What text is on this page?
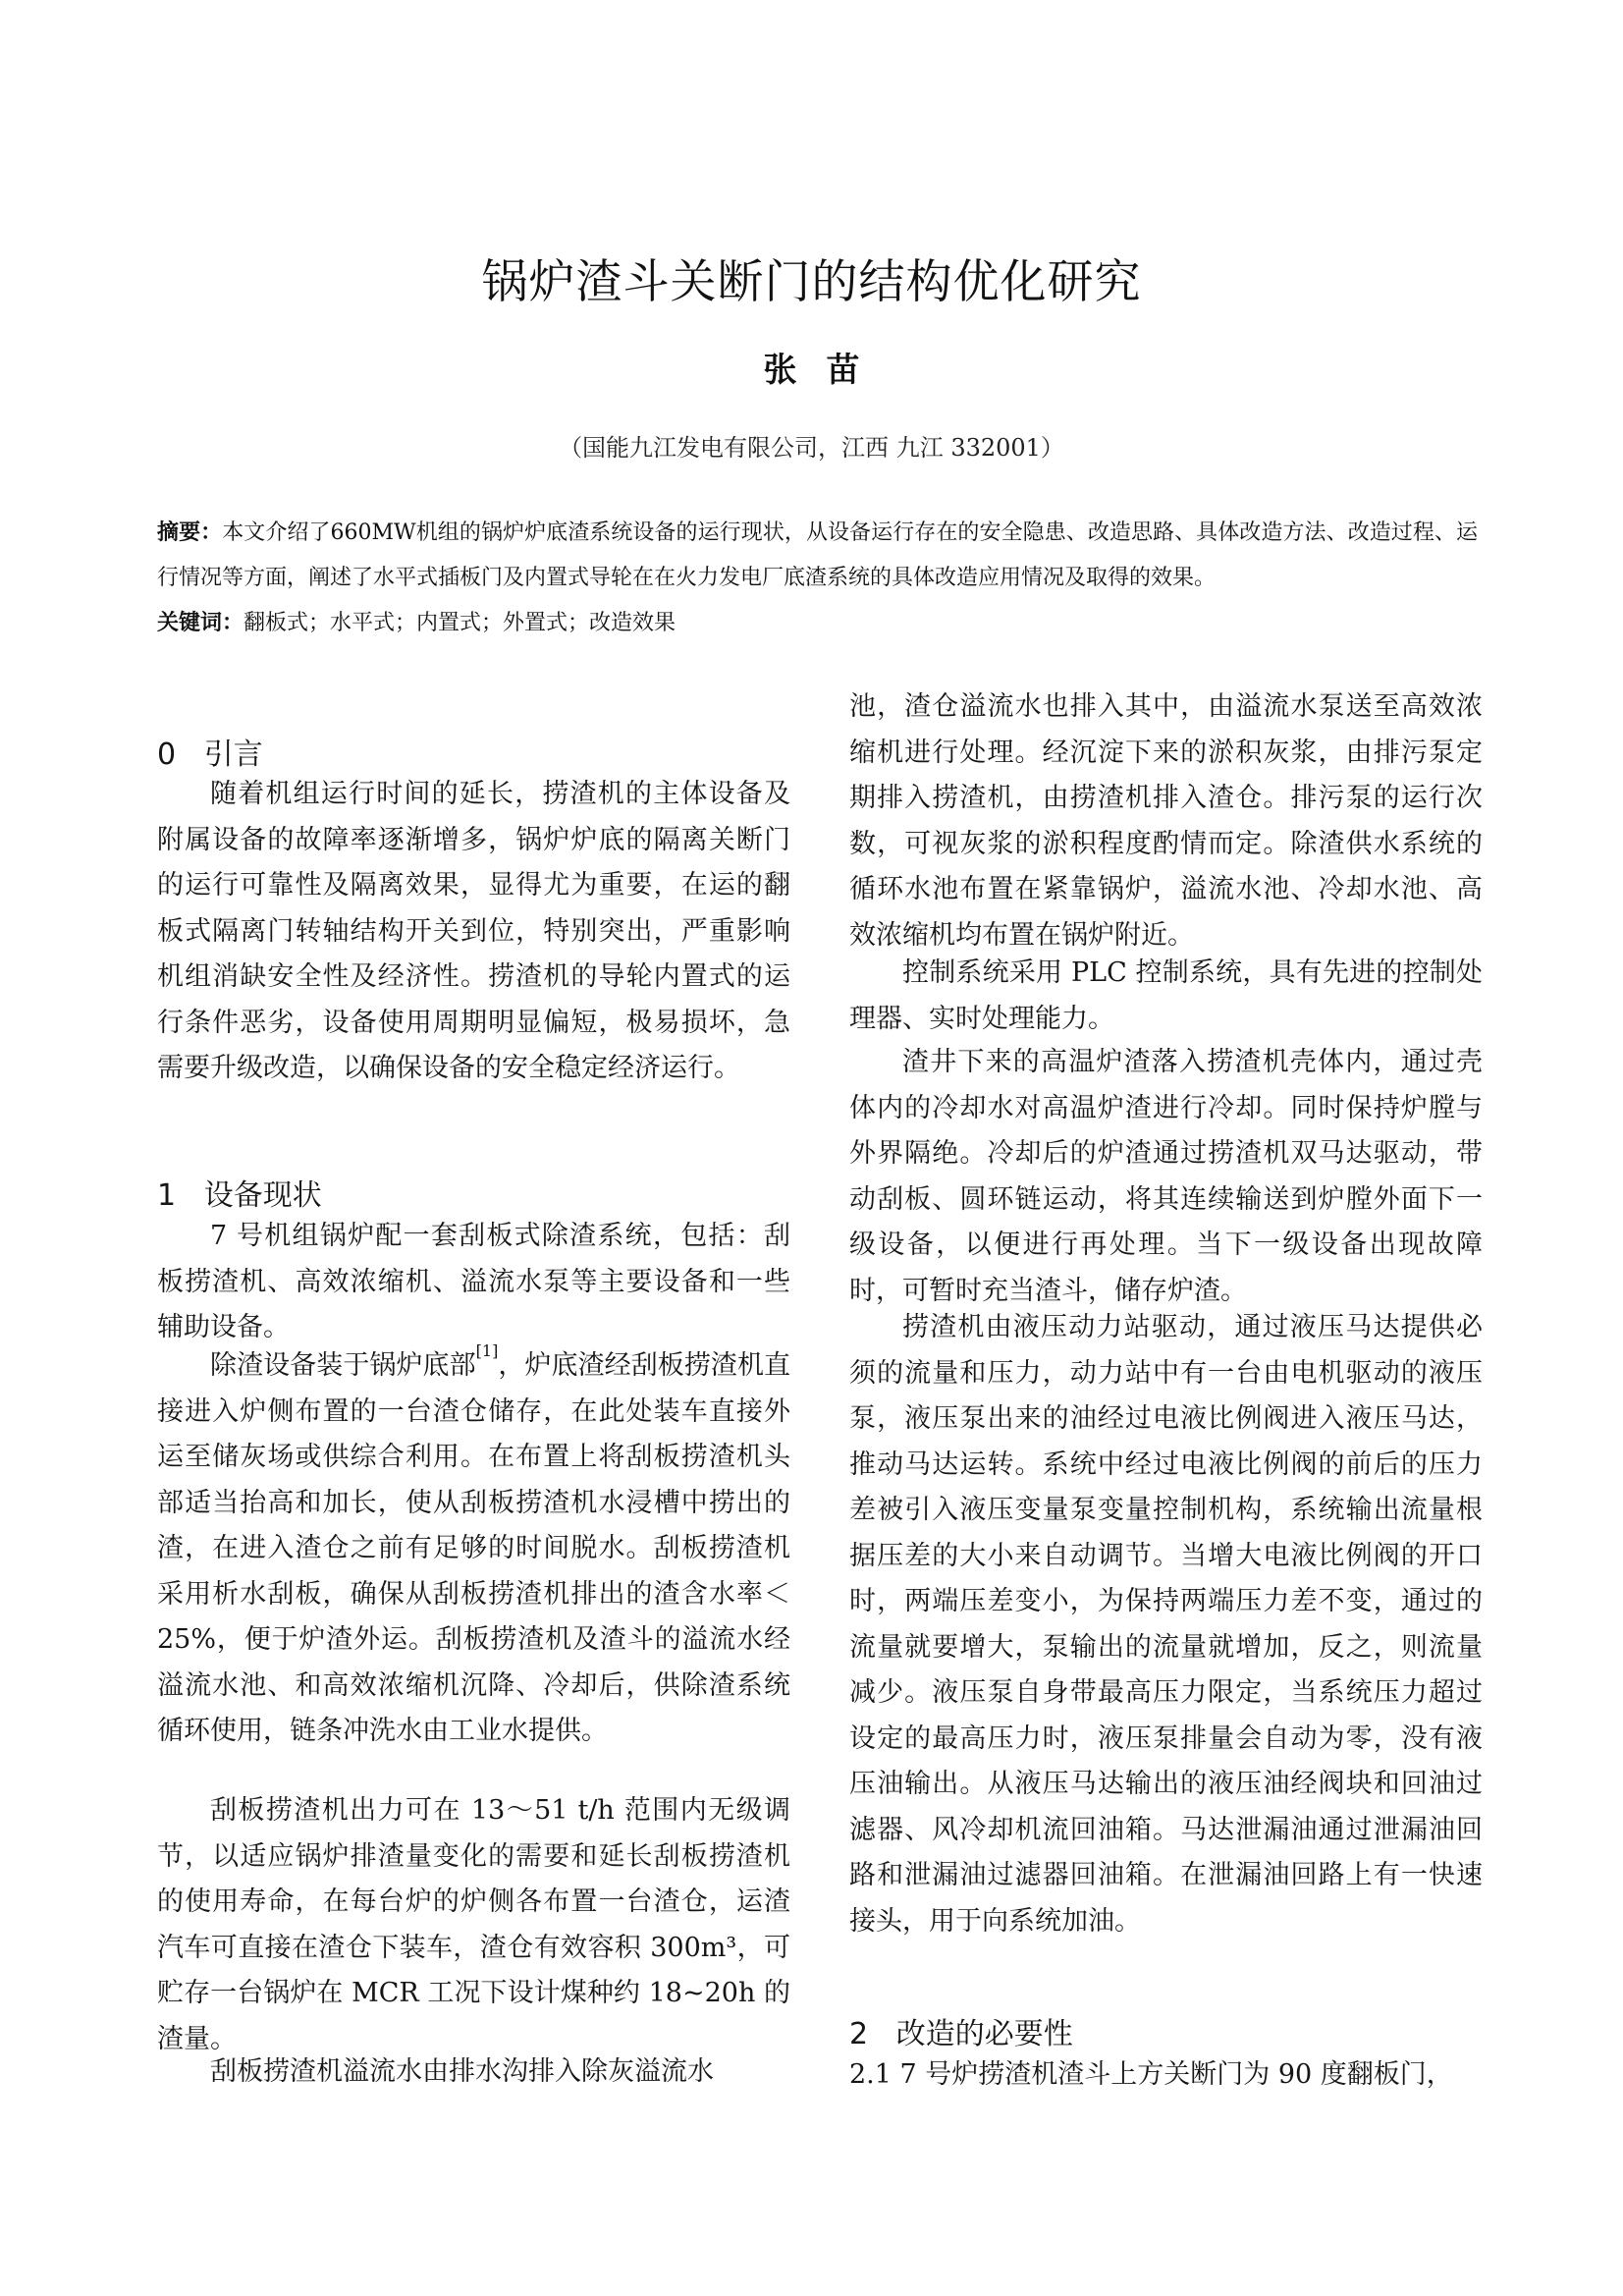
锅炉渣斗关断门的结构优化研究
张苗
（国能九江发电有限公司，江西 九江 332001）
摘要：本文介绍了660MW机组的锅炉炉底渣系统设备的运行现状，从设备运行存在的安全隐患、改造思路、具体改造方法、改造过程、运行情况等方面，阐述了水平式插板门及内置式导轮在在火力发电厂底渣系统的具体改造应用情况及取得的效果。
关键词：翻板式；水平式；内置式；外置式；改造效果
0   引言
随着机组运行时间的延长，捞渣机的主体设备及附属设备的故障率逐渐增多，锅炉炉底的隔离关断门的运行可靠性及隔离效果，显得尤为重要，在运的翻板式隔离门转轴结构开关到位，特别突出，严重影响机组消缺安全性及经济性。捞渣机的导轮内置式的运行条件恶劣，设备使用周期明显偏短，极易损坏，急需要升级改造，以确保设备的安全稳定经济运行。
1   设备现状
7 号机组锅炉配一套刮板式除渣系统，包括：刮板捞渣机、高效浓缩机、溢流水泵等主要设备和一些辅助设备。
除渣设备装于锅炉底部[1]，炉底渣经刮板捞渣机直接进入炉侧布置的一台渣仓储存，在此处装车直接外运至储灰场或供综合利用。在布置上将刮板捞渣机头部适当抬高和加长，使从刮板捞渣机水浸槽中捞出的渣，在进入渣仓之前有足够的时间脱水。刮板捞渣机采用析水刮板，确保从刮板捞渣机排出的渣含水率＜25%，便于炉渣外运。刮板捞渣机及渣斗的溢流水经溢流水池、和高效浓缩机沉降、冷却后，供除渣系统循环使用，链条冲洗水由工业水提供。
刮板捞渣机出力可在 13～51 t/h 范围内无级调节，以适应锅炉排渣量变化的需要和延长刮板捞渣机的使用寿命，在每台炉的炉侧各布置一台渣仓，运渣汽车可直接在渣仓下装车，渣仓有效容积 300m³，可贮存一台锅炉在 MCR 工况下设计煤种约 18~20h 的渣量。
刮板捞渣机溢流水由排水沟排入除灰溢流水
池，渣仓溢流水也排入其中，由溢流水泵送至高效浓缩机进行处理。经沉淀下来的淤积灰浆，由排污泵定期排入捞渣机，由捞渣机排入渣仓。排污泵的运行次数，可视灰浆的淤积程度酌情而定。除渣供水系统的循环水池布置在紧靠锅炉，溢流水池、冷却水池、高效浓缩机均布置在锅炉附近。
控制系统采用 PLC 控制系统，具有先进的控制处理器、实时处理能力。
渣井下来的高温炉渣落入捞渣机壳体内，通过壳体内的冷却水对高温炉渣进行冷却。同时保持炉膛与外界隔绝。冷却后的炉渣通过捞渣机双马达驱动，带动刮板、圆环链运动，将其连续输送到炉膛外面下一级设备，以便进行再处理。当下一级设备出现故障时，可暂时充当渣斗，储存炉渣。
捞渣机由液压动力站驱动，通过液压马达提供必须的流量和压力，动力站中有一台由电机驱动的液压泵，液压泵出来的油经过电液比例阀进入液压马达，推动马达运转。系统中经过电液比例阀的前后的压力差被引入液压变量泵变量控制机构，系统输出流量根据压差的大小来自动调节。当增大电液比例阀的开口时，两端压差变小，为保持两端压力差不变，通过的流量就要增大，泵输出的流量就增加，反之，则流量减少。液压泵自身带最高压力限定，当系统压力超过设定的最高压力时，液压泵排量会自动为零，没有液压油输出。从液压马达输出的液压油经阀块和回油过滤器、风冷却机流回油箱。马达泄漏油通过泄漏油回路和泄漏油过滤器回油箱。在泄漏油回路上有一快速接头，用于向系统加油。
2   改造的必要性
2.1 7 号炉捞渣机渣斗上方关断门为 90 度翻板门，
